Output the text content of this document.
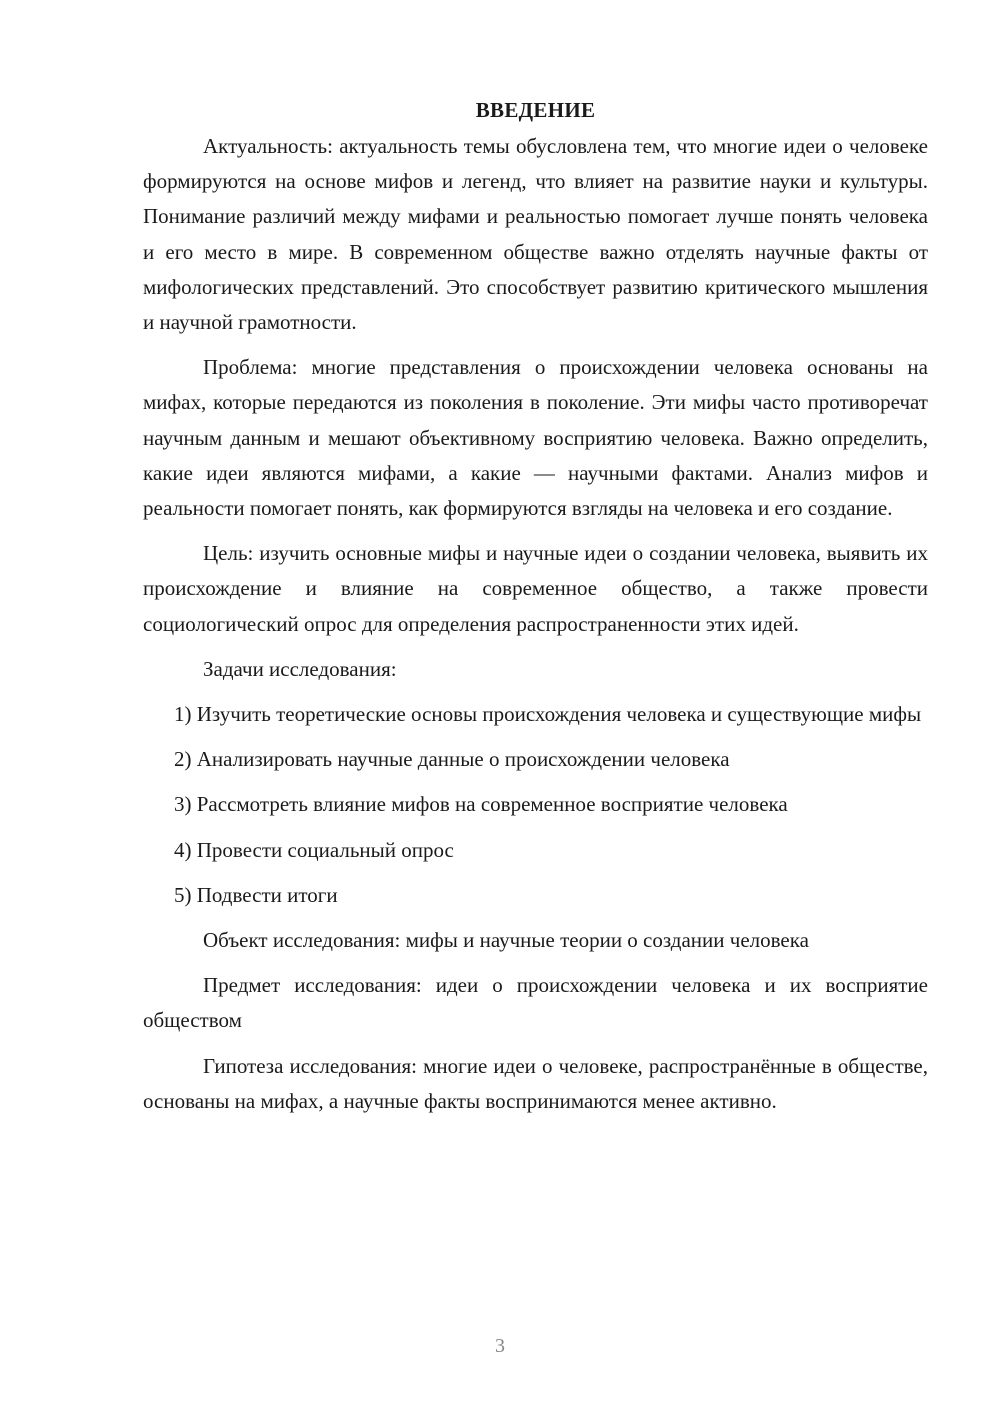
ВВЕДЕНИЕ

Актуальность: актуальность темы обусловлена тем, что многие идеи о человеке формируются на основе мифов и легенд, что влияет на развитие науки и культуры. Понимание различий между мифами и реальностью помогает лучше понять человека и его место в мире. В современном обществе важно отделять научные факты от мифологических представлений. Это способствует развитию критического мышления и научной грамотности.

Проблема: многие представления о происхождении человека основаны на мифах, которые передаются из поколения в поколение. Эти мифы часто противоречат научным данным и мешают объективному восприятию человека. Важно определить, какие идеи являются мифами, а какие — научными фактами. Анализ мифов и реальности помогает понять, как формируются взгляды на человека и его создание.

Цель: изучить основные мифы и научные идеи о создании человека, выявить их происхождение и влияние на современное общество, а также провести социологический опрос для определения распространенности этих идей.

Задачи исследования:

1) Изучить теоретические основы происхождения человека и существующие мифы

2) Анализировать научные данные о происхождении человека

3) Рассмотреть влияние мифов на современное восприятие человека

4) Провести социальный опрос

5) Подвести итоги

Объект исследования: мифы и научные теории о создании человека

Предмет исследования: идеи о происхождении человека и их восприятие обществом

Гипотеза исследования: многие идеи о человеке, распространённые в обществе, основаны на мифах, а научные факты воспринимаются менее активно.

3
